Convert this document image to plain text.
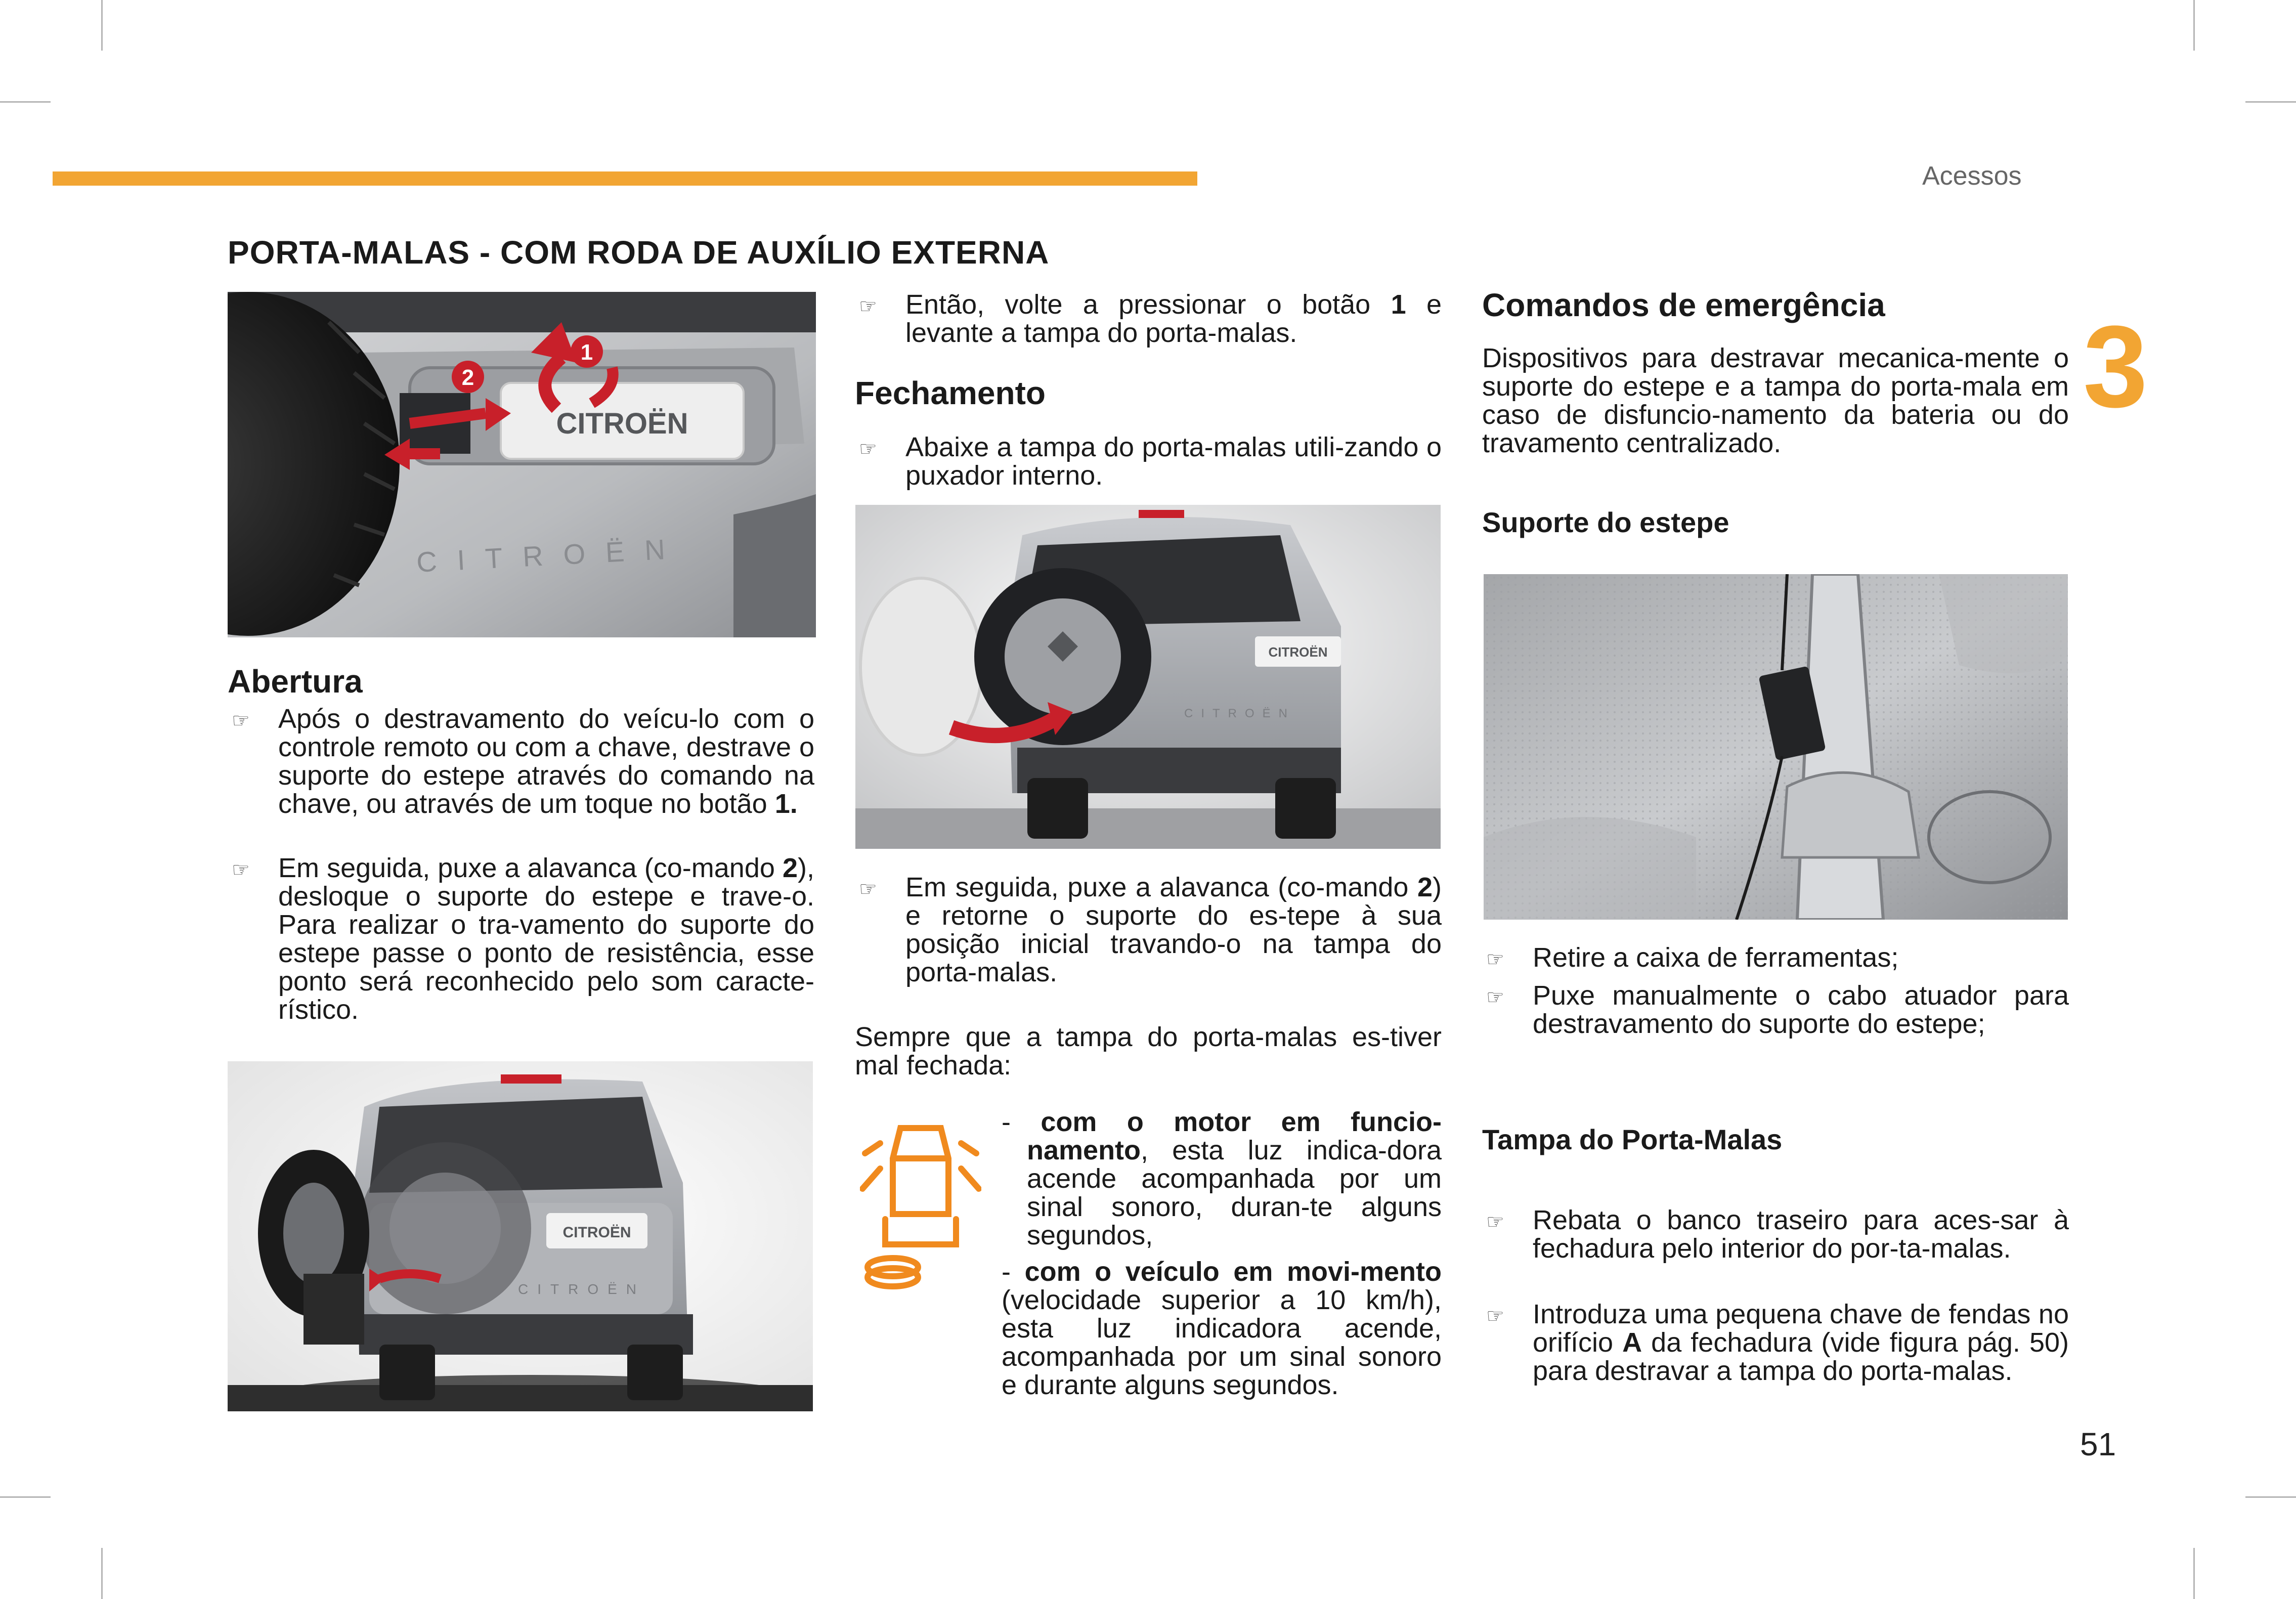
Acessos
3
51
PORTA-MALAS - COM RODA DE AUXÍLIO EXTERNA
CITROËN
CITROËN
1
2
Abertura
☞ Após o destravamento do veícu-lo com o controle remoto ou com a chave, destrave o suporte do estepe através do comando na chave, ou através de um toque no botão 1.
☞ Em seguida, puxe a alavanca (co-mando 2), desloque o suporte do estepe e trave-o. Para realizar o tra-vamento do suporte do estepe passe o ponto de resistência, esse ponto será reconhecido pelo som caracte-rístico.
CITROËN
CITROËN
☞ Então, volte a pressionar o botão 1 e levante a tampa do porta-malas.
Fechamento
☞ Abaixe a tampa do porta-malas utili-zando o puxador interno.
CITROËN
CITROËN
☞ Em seguida, puxe a alavanca (co-mando 2) e retorne o suporte do es-tepe à sua posição inicial travando-o na tampa do porta-malas.
Sempre que a tampa do porta-malas es-tiver mal fechada:
- com o motor em funcio-namento, esta luz indica-dora acende acompanhada por um sinal sonoro, duran-te alguns segundos,
- com o veículo em movi-mento (velocidade superior a 10 km/h), esta luz indicadora acende, acompanhada por um sinal sonoro e durante alguns segundos.
Comandos de emergência
Dispositivos para destravar mecanica-mente o suporte do estepe e a tampa do porta-mala em caso de disfuncio-namento da bateria ou do travamento centralizado.
Suporte do estepe
☞ Retire a caixa de ferramentas;
☞ Puxe manualmente o cabo atuador para destravamento do suporte do estepe;
Tampa do Porta-Malas
☞ Rebata o banco traseiro para aces-sar à fechadura pelo interior do por-ta-malas.
☞ Introduza uma pequena chave de fendas no orifício A da fechadura (vide figura pág. 50) para destravar a tampa do porta-malas.
